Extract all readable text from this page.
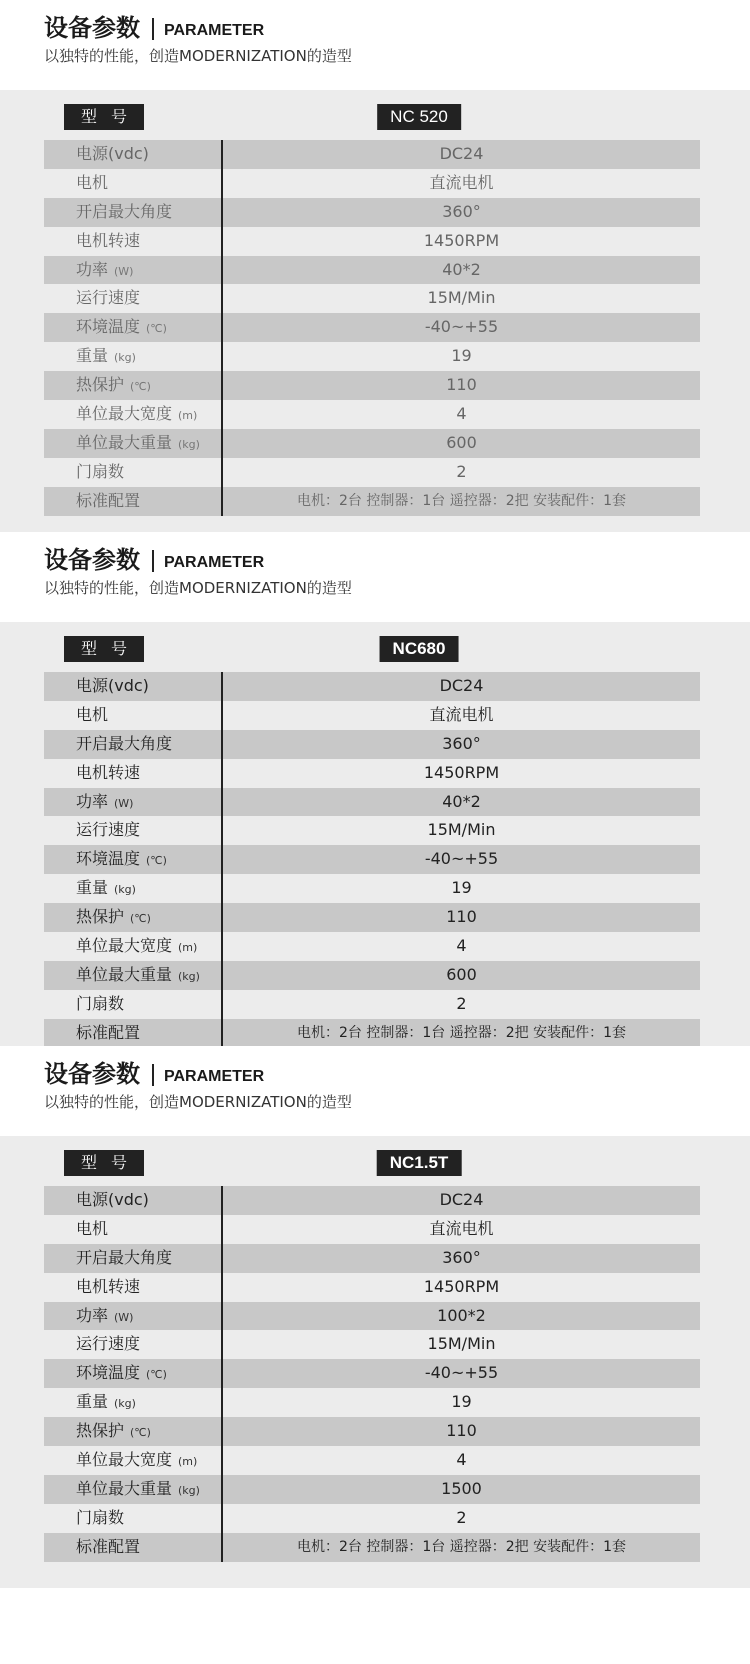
设备参数 PARAMETER
以独特的性能，创造MODERNIZATION的造型
型号	NC 520
电源(vdc)	DC24
电机	直流电机
开启最大角度	360°
电机转速	1450RPM
功率 (W)	40*2
运行速度	15M/Min
环境温度 (℃)	-40~+55
重量 (kg)	19
热保护 (℃)	110
单位最大宽度 (m)	4
单位最大重量 (kg)	600
门扇数	2
标准配置	电机：2台 控制器：1台 遥控器：2把 安装配件：1套
设备参数 PARAMETER
以独特的性能，创造MODERNIZATION的造型
型号	NC680
电源(vdc)	DC24
电机	直流电机
开启最大角度	360°
电机转速	1450RPM
功率 (W)	40*2
运行速度	15M/Min
环境温度 (℃)	-40~+55
重量 (kg)	19
热保护 (℃)	110
单位最大宽度 (m)	4
单位最大重量 (kg)	600
门扇数	2
标准配置	电机：2台 控制器：1台 遥控器：2把 安装配件：1套
设备参数 PARAMETER
以独特的性能，创造MODERNIZATION的造型
型号	NC1.5T
电源(vdc)	DC24
电机	直流电机
开启最大角度	360°
电机转速	1450RPM
功率 (W)	100*2
运行速度	15M/Min
环境温度 (℃)	-40~+55
重量 (kg)	19
热保护 (℃)	110
单位最大宽度 (m)	4
单位最大重量 (kg)	1500
门扇数	2
标准配置	电机：2台 控制器：1台 遥控器：2把 安装配件：1套
